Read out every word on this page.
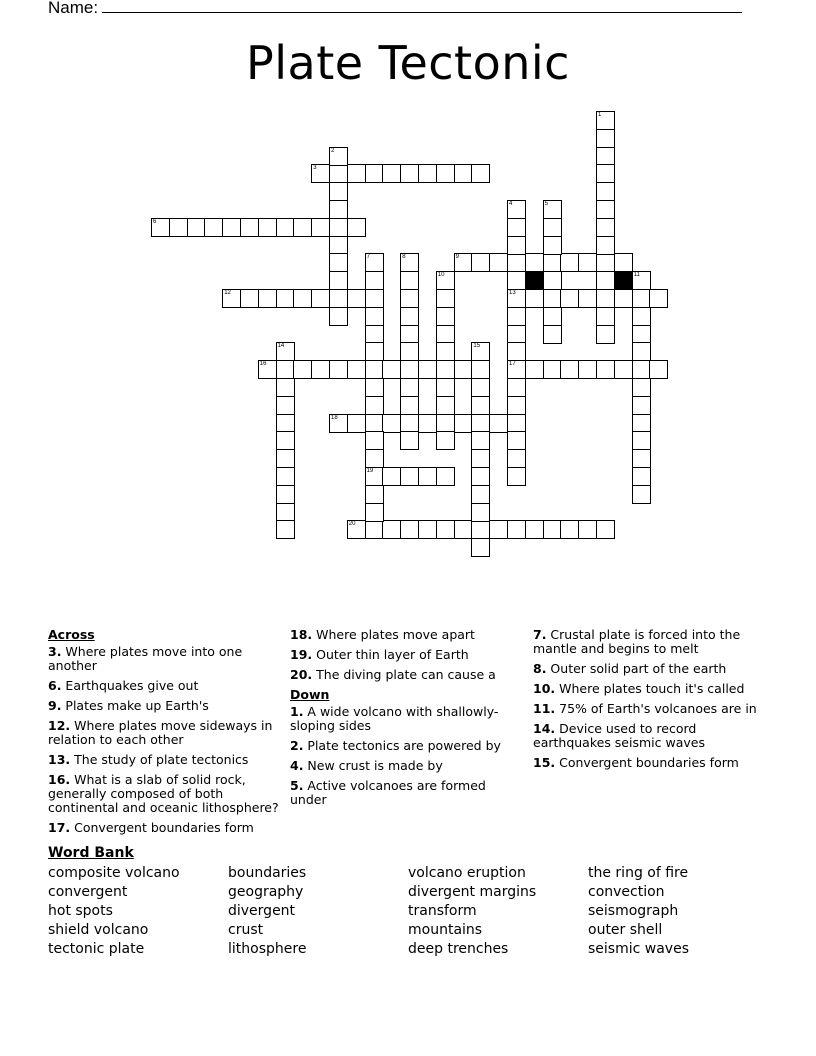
Name:
Plate Tectonic
3
6
9
12	13
16	17
18
19
20
1
2
4	5
7	8
10	11
14	15
Across
3. Where plates move into one another
6. Earthquakes give out
9. Plates make up Earth's
12. Where plates move sideways in relation to each other
13. The study of plate tectonics
16. What is a slab of solid rock, generally composed of both continental and oceanic lithosphere?
17. Convergent boundaries form
18. Where plates move apart
19. Outer thin layer of Earth
20. The diving plate can cause a
Down
1. A wide volcano with shallowly-sloping sides
2. Plate tectonics are powered by
4. New crust is made by
5. Active volcanoes are formed under
7. Crustal plate is forced into the mantle and begins to melt
8. Outer solid part of the earth
10. Where plates touch it's called
11. 75% of Earth's volcanoes are in
14. Device used to record earthquakes seismic waves
15. Convergent boundaries form
Word Bank
composite volcano	boundaries	volcano eruption	the ring of fire
convergent	geography	divergent margins	convection
hot spots	divergent	transform	seismograph
shield volcano	crust	mountains	outer shell
tectonic plate	lithosphere	deep trenches	seismic waves
